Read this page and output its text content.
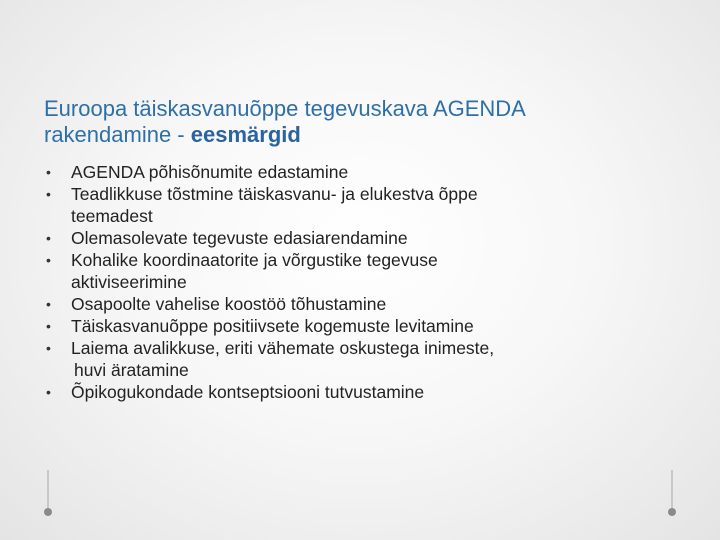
Euroopa täiskasvanuõppe tegevuskava AGENDA
rakendamine - eesmärgid
• AGENDA põhisõnumite edastamine
• Teadlikkuse tõstmine täiskasvanu- ja elukestva õppe
teemadest
• Olemasolevate tegevuste edasiarendamine
• Kohalike koordinaatorite ja võrgustike tegevuse
aktiviseerimine
• Osapoolte vahelise koostöö tõhustamine
• Täiskasvanuõppe positiivsete kogemuste levitamine
• Laiema avalikkuse, eriti vähemate oskustega inimeste,
huvi äratamine
• Õpikogukondade kontseptsiooni tutvustamine
